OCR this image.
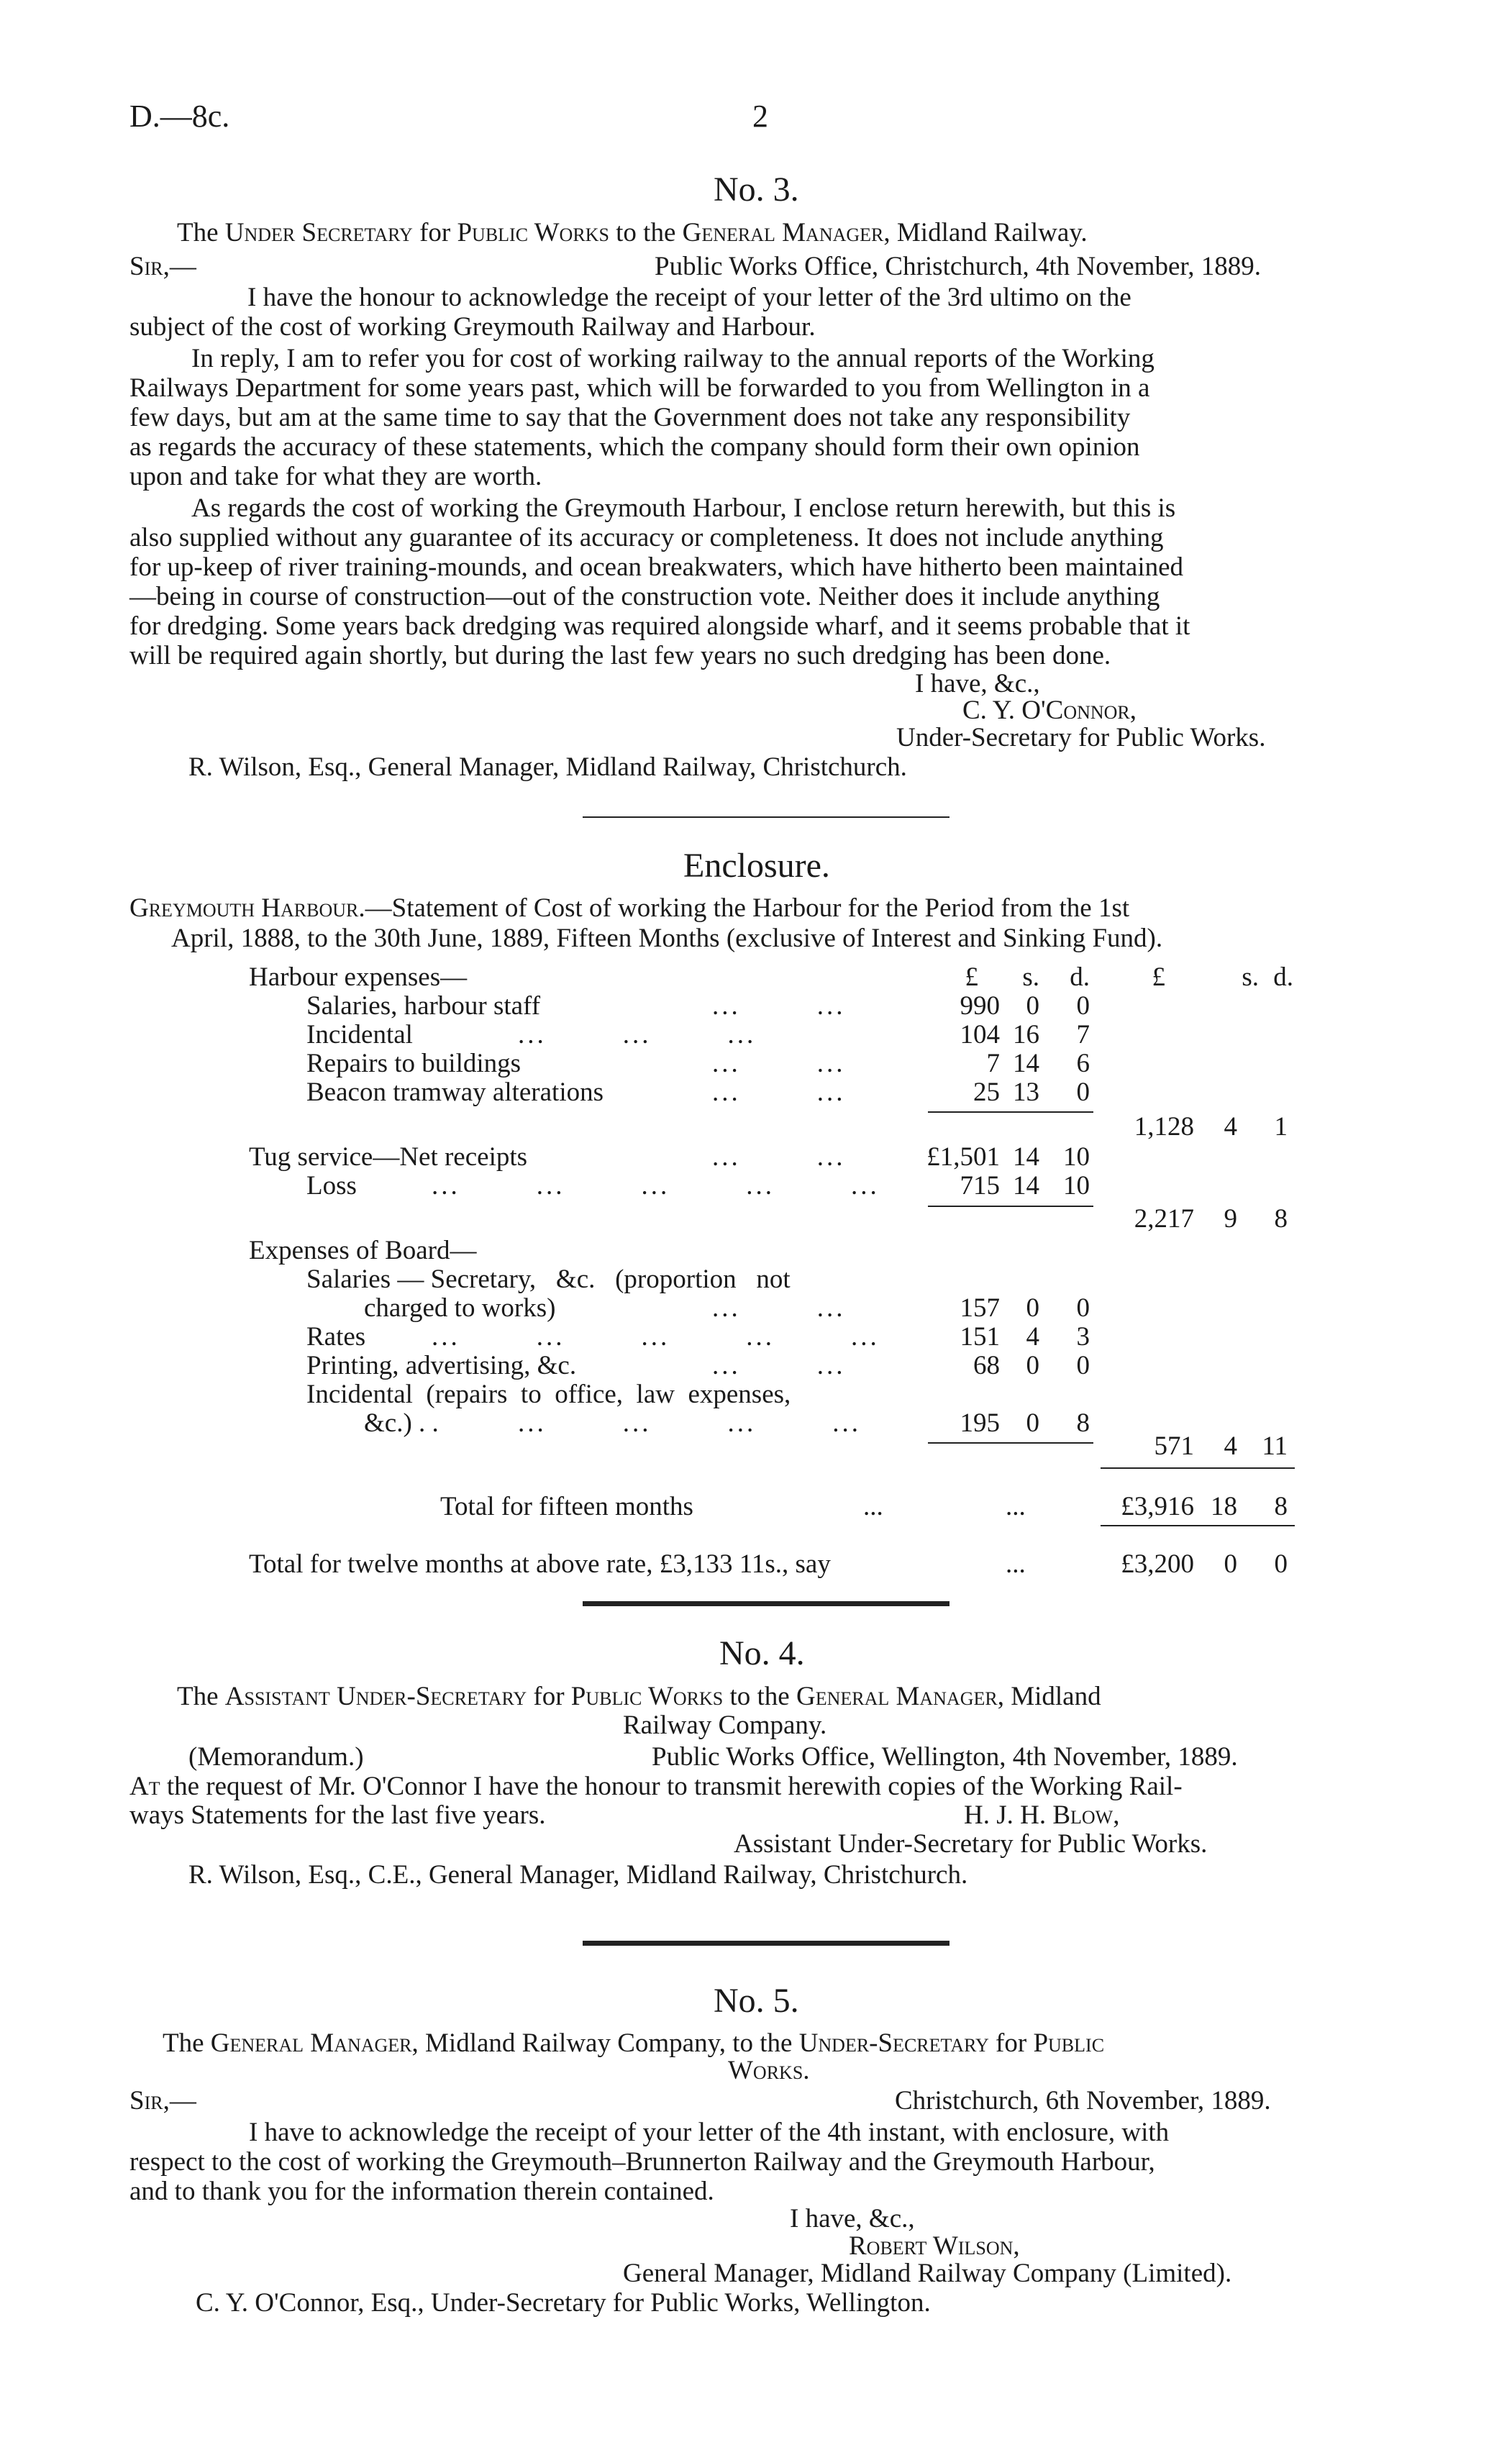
D.—8c.	2
No. 3.
The Under Secretary for Public Works to the General Manager, Midland Railway.
Sir,—	Public Works Office, Christchurch, 4th November, 1889.
I have the honour to acknowledge the receipt of your letter of the 3rd ultimo on the
subject of the cost of working Greymouth Railway and Harbour.
In reply, I am to refer you for cost of working railway to the annual reports of the Working
Railways Department for some years past, which will be forwarded to you from Wellington in a
few days, but am at the same time to say that the Government does not take any responsibility
as regards the accuracy of these statements, which the company should form their own opinion
upon and take for what they are worth.
As regards the cost of working the Greymouth Harbour, I enclose return herewith, but this is
also supplied without any guarantee of its accuracy or completeness. It does not include anything
for up-keep of river training-mounds, and ocean breakwaters, which have hitherto been maintained
—being in course of construction—out of the construction vote. Neither does it include anything
for dredging. Some years back dredging was required alongside wharf, and it seems probable that it
will be required again shortly, but during the last few years no such dredging has been done.
I have, &c.,
C. Y. O'Connor,
Under-Secretary for Public Works.
R. Wilson, Esq., General Manager, Midland Railway, Christchurch.
Enclosure.
Greymouth Harbour.—Statement of Cost of working the Harbour for the Period from the 1st
April, 1888, to the 30th June, 1889, Fifteen Months (exclusive of Interest and Sinking Fund).
£	s.	d.	£	s. d.
Harbour expenses—
Salaries, harbour staff	...        ...	990 0	0
Incidental	...        ...        ...	104 16	7
Repairs to buildings	...        ...	7 14	6
Beacon tramway alterations	...        ...	25 13	0
1,128	4	1
Tug service—Net receipts	...        ...	£1,501 14 10
Loss	...        ...        ...        ...        ...	715 14 10
2,217	9	8
Expenses of Board—
Salaries — Secretary,   &c.   (proportion   not
charged to works)	...        ...	157 0	0
Rates ...        ...        ...        ...        ...	151 4	3
Printing, advertising, &c.	...        ...	68 0	0
Incidental  (repairs  to  office,  law  expenses,
&c.) . .	...        ...        ...        ...	195 0	8
571	4 11
Total for fifteen months	...	...	£3,916 18	8
Total for twelve months at above rate, £3,133 11s., say	...	£3,200	0	0
No. 4.
The Assistant Under-Secretary for Public Works to the General Manager, Midland
Railway Company.
(Memorandum.)	Public Works Office, Wellington, 4th November, 1889.
At the request of Mr. O'Connor I have the honour to transmit herewith copies of the Working Rail-
ways Statements for the last five years.	H. J. H. Blow,
Assistant Under-Secretary for Public Works.
R. Wilson, Esq., C.E., General Manager, Midland Railway, Christchurch.
No. 5.
The General Manager, Midland Railway Company, to the Under-Secretary for Public
Works.
Sir,—	Christchurch, 6th November, 1889.
I have to acknowledge the receipt of your letter of the 4th instant, with enclosure, with
respect to the cost of working the Greymouth–Brunnerton Railway and the Greymouth Harbour,
and to thank you for the information therein contained.
I have, &c.,
Robert Wilson,
General Manager, Midland Railway Company (Limited).
C. Y. O'Connor, Esq., Under-Secretary for Public Works, Wellington.
